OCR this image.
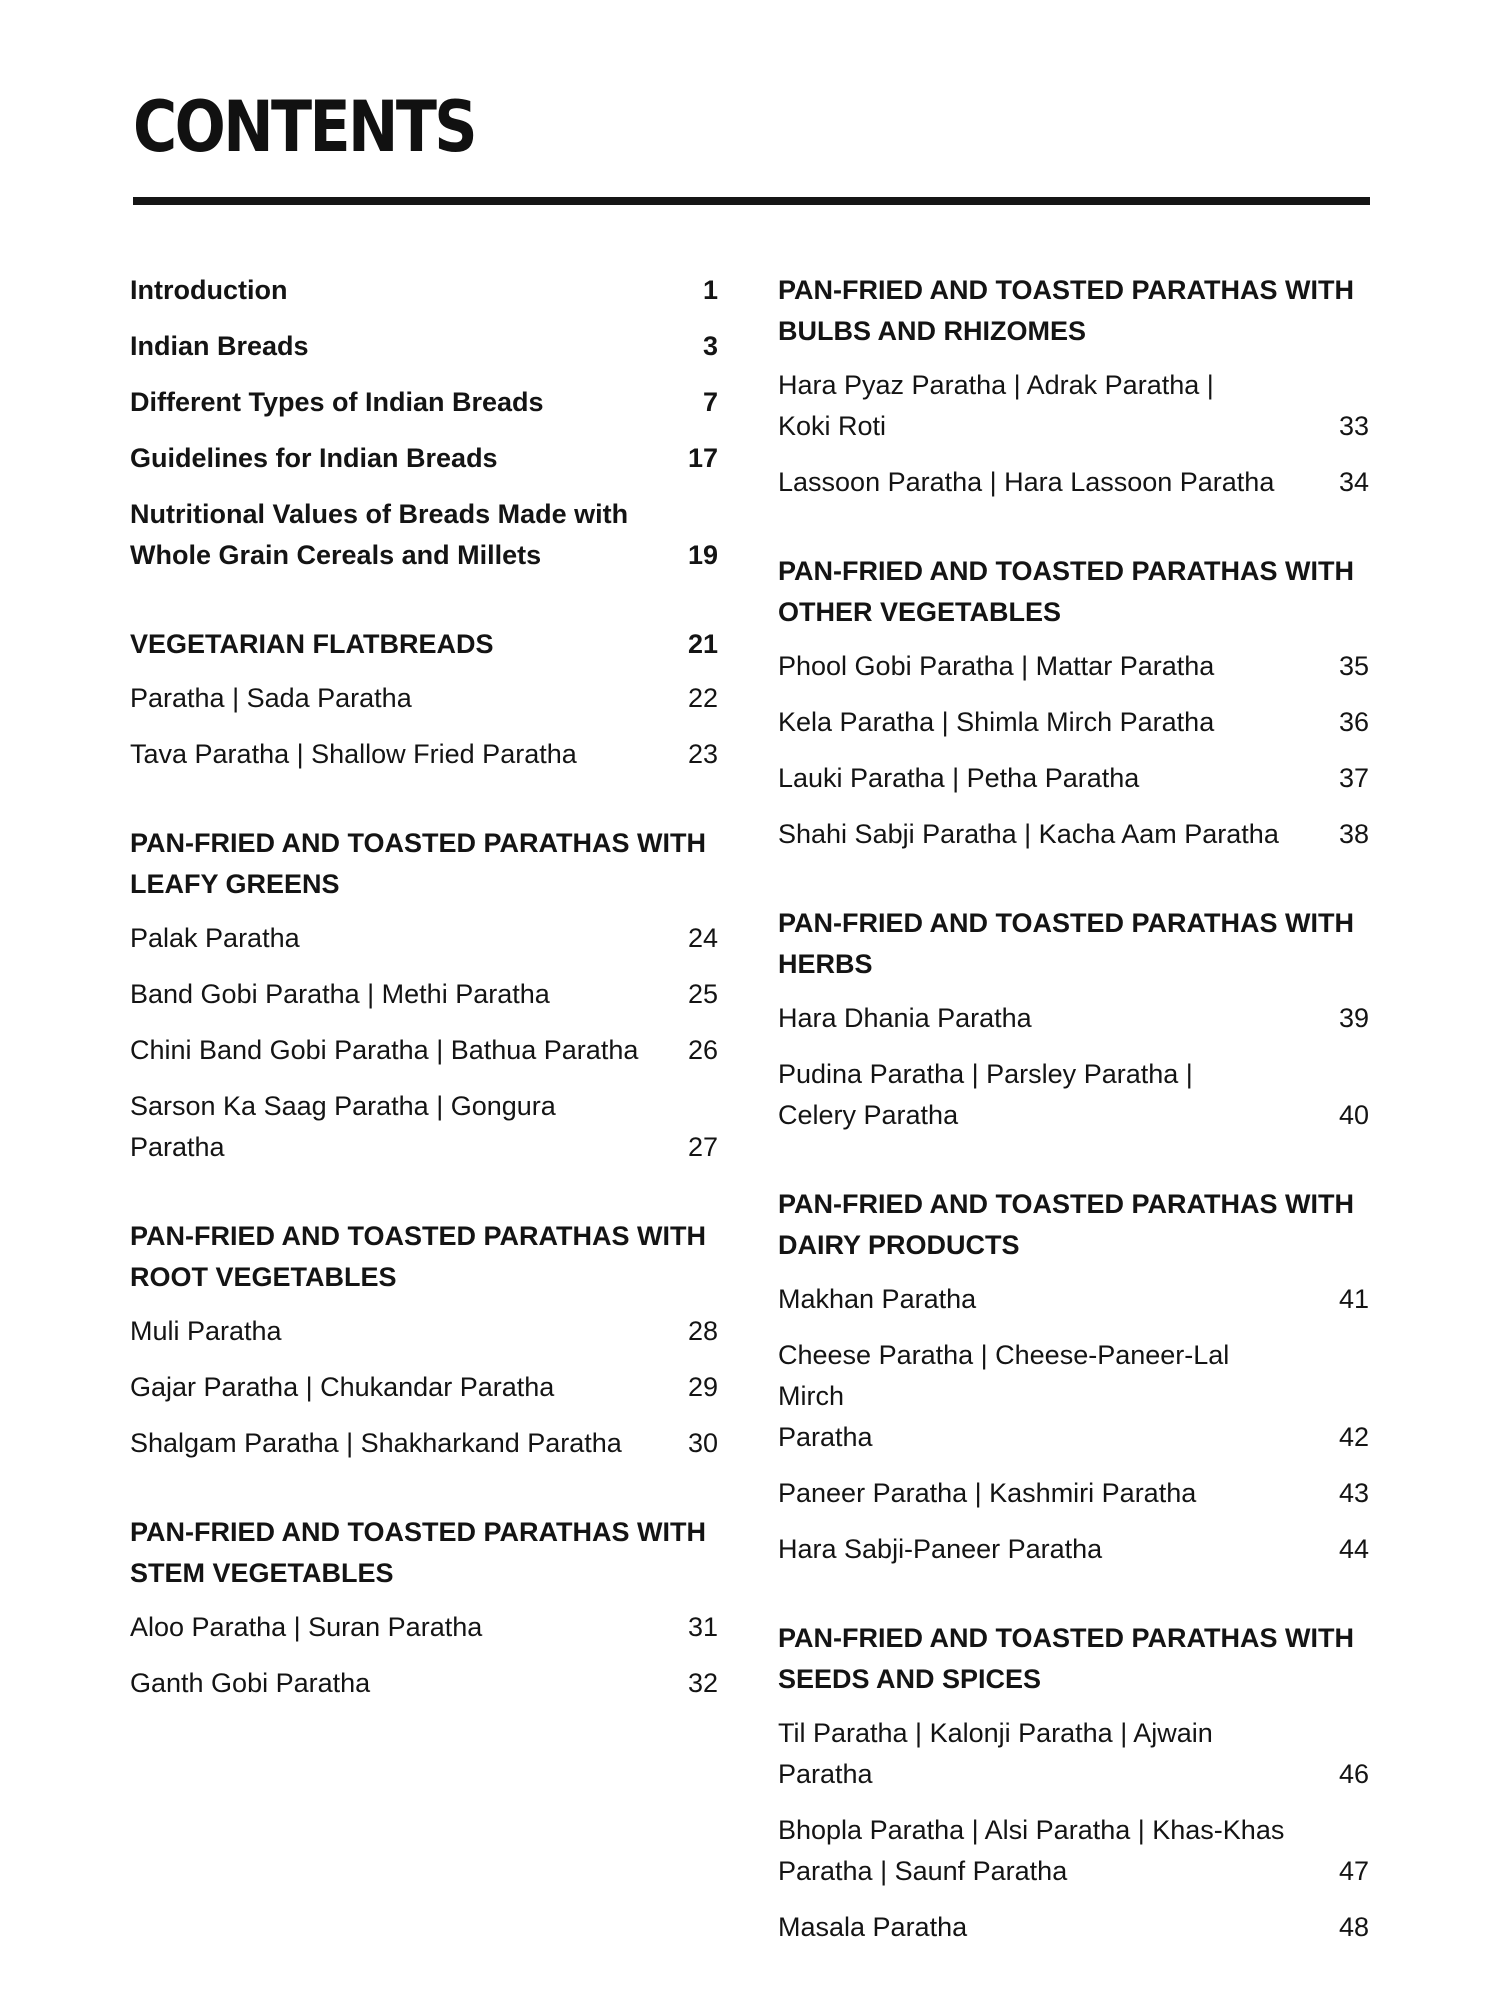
CONTENTS
Introduction	1
Indian Breads	3
Different Types of Indian Breads	7
Guidelines for Indian Breads	17
Nutritional Values of Breads Made with
Whole Grain Cereals and Millets	19
VEGETARIAN FLATBREADS	21
Paratha | Sada Paratha	22
Tava Paratha | Shallow Fried Paratha	23
PAN-FRIED AND TOASTED PARATHAS WITH
LEAFY GREENS
Palak Paratha	24
Band Gobi Paratha | Methi Paratha	25
Chini Band Gobi Paratha | Bathua Paratha	26
Sarson Ka Saag Paratha | Gongura
Paratha	27
PAN-FRIED AND TOASTED PARATHAS WITH
ROOT VEGETABLES
Muli Paratha	28
Gajar Paratha | Chukandar Paratha	29
Shalgam Paratha | Shakharkand Paratha	30
PAN-FRIED AND TOASTED PARATHAS WITH
STEM VEGETABLES
Aloo Paratha | Suran Paratha	31
Ganth Gobi Paratha	32
PAN-FRIED AND TOASTED PARATHAS WITH
BULBS AND RHIZOMES
Hara Pyaz Paratha | Adrak Paratha |
Koki Roti	33
Lassoon Paratha | Hara Lassoon Paratha	34
PAN-FRIED AND TOASTED PARATHAS WITH
OTHER VEGETABLES
Phool Gobi Paratha | Mattar Paratha	35
Kela Paratha | Shimla Mirch Paratha	36
Lauki Paratha | Petha Paratha	37
Shahi Sabji Paratha | Kacha Aam Paratha	38
PAN-FRIED AND TOASTED PARATHAS WITH
HERBS
Hara Dhania Paratha	39
Pudina Paratha | Parsley Paratha |
Celery Paratha	40
PAN-FRIED AND TOASTED PARATHAS WITH
DAIRY PRODUCTS
Makhan Paratha	41
Cheese Paratha | Cheese-Paneer-Lal Mirch
Paratha	42
Paneer Paratha | Kashmiri Paratha	43
Hara Sabji-Paneer Paratha	44
PAN-FRIED AND TOASTED PARATHAS WITH
SEEDS AND SPICES
Til Paratha | Kalonji Paratha | Ajwain Paratha	46
Bhopla Paratha | Alsi Paratha | Khas-Khas
Paratha | Saunf Paratha	47
Masala Paratha	48
